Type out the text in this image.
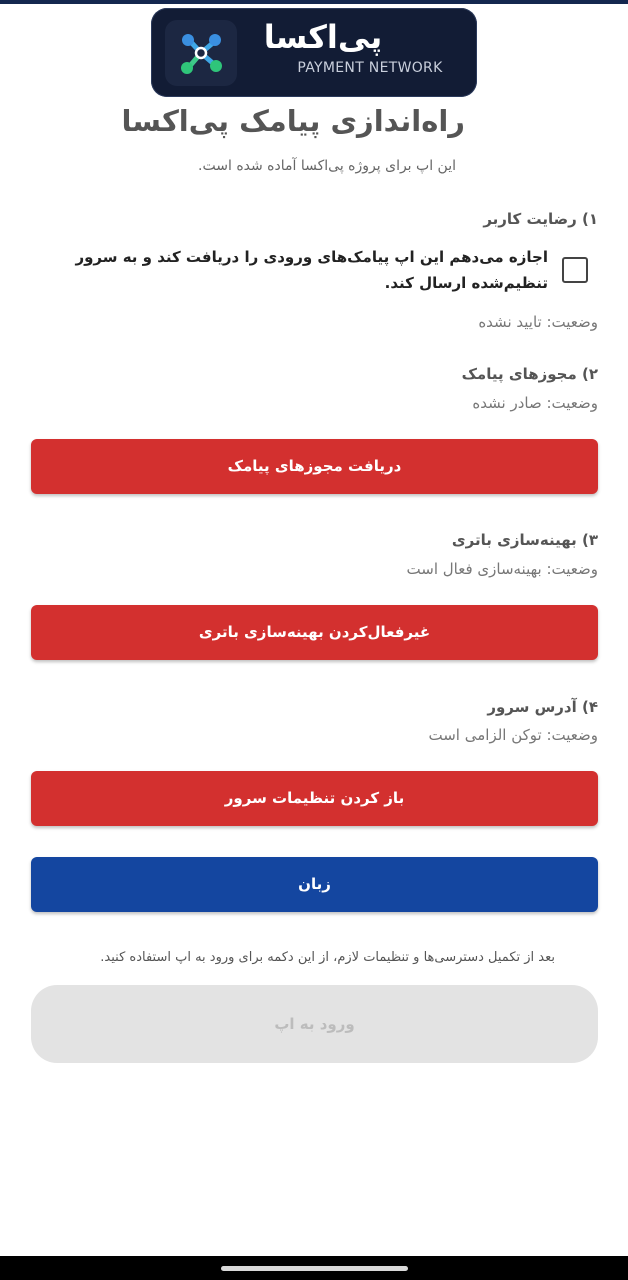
پی‌اکسا
PAYMENT NETWORK
راه‌اندازی پیامک پی‌اکسا
این اپ برای پروژه پی‌اکسا آماده شده است.
۱) رضایت کاربر
اجازه می‌دهم این اپ پیامک‌های ورودی را دریافت کند و به سرور تنظیم‌شده ارسال کند.
وضعیت: تایید نشده
۲) مجوزهای پیامک
وضعیت: صادر نشده
دریافت مجوزهای پیامک
۳) بهینه‌سازی باتری
وضعیت: بهینه‌سازی فعال است
غیرفعال‌کردن بهینه‌سازی باتری
۴) آدرس سرور
وضعیت: توکن الزامی است
باز کردن تنظیمات سرور
زبان
بعد از تکمیل دسترسی‌ها و تنظیمات لازم، از این دکمه برای ورود به اپ استفاده کنید.
ورود به اپ
